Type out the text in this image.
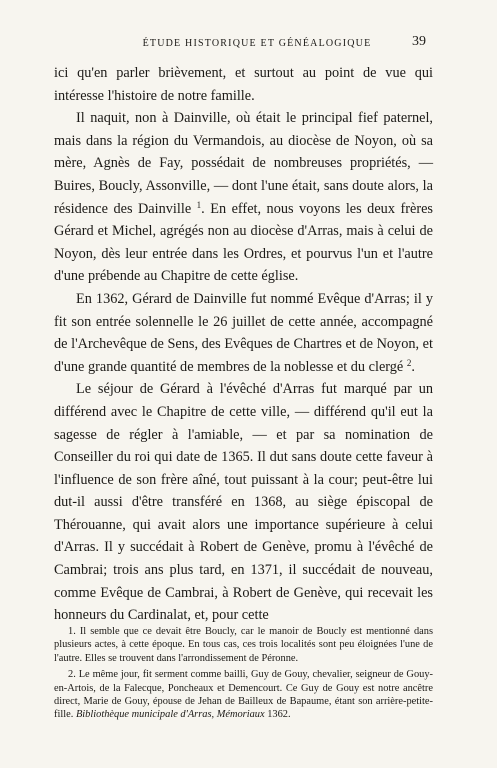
ÉTUDE HISTORIQUE ET GÉNÉALOGIQUE	39

ici qu'en parler brièvement, et surtout au point de vue qui intéresse l'histoire de notre famille.

Il naquit, non à Dainville, où était le principal fief paternel, mais dans la région du Vermandois, au diocèse de Noyon, où sa mère, Agnès de Fay, possédait de nombreuses propriétés, — Buires, Boucly, Assonville, — dont l'une était, sans doute alors, la résidence des Dainville $^1$. En effet, nous voyons les deux frères Gérard et Michel, agrégés non au diocèse d'Arras, mais à celui de Noyon, dès leur entrée dans les Ordres, et pourvus l'un et l'autre d'une prébende au Chapitre de cette église.

En 1362, Gérard de Dainville fut nommé Evêque d'Arras; il y fit son entrée solennelle le 26 juillet de cette année, accompagné de l'Archevêque de Sens, des Evêques de Chartres et de Noyon, et d'une grande quantité de membres de la noblesse et du clergé $^2$.

Le séjour de Gérard à l'évêché d'Arras fut marqué par un différend avec le Chapitre de cette ville, — différend qu'il eut la sagesse de régler à l'amiable, — et par sa nomination de Conseiller du roi qui date de 1365. Il dut sans doute cette faveur à l'influence de son frère aîné, tout puissant à la cour; peut-être lui dut-il aussi d'être transféré en 1368, au siège épiscopal de Thérouanne, qui avait alors une importance supérieure à celui d'Arras. Il y succédait à Robert de Genève, promu à l'évêché de Cambrai; trois ans plus tard, en 1371, il succédait de nouveau, comme Evêque de Cambrai, à Robert de Genève, qui recevait les honneurs du Cardinalat, et, pour cette

1. Il semble que ce devait être Boucly, car le manoir de Boucly est mentionné dans plusieurs actes, à cette époque. En tous cas, ces trois localités sont peu éloignées l'une de l'autre. Elles se trouvent dans l'arrondissement de Péronne.

2. Le même jour, fit serment comme bailli, Guy de Gouy, chevalier, seigneur de Gouy-en-Artois, de la Falecque, Poncheaux et Demencourt. Ce Guy de Gouy est notre ancêtre direct, Marie de Gouy, épouse de Jehan de Bailleux de Bapaume, étant son arrière-petite-fille. Bibliothèque municipale d'Arras, Mémoriaux 1362.
